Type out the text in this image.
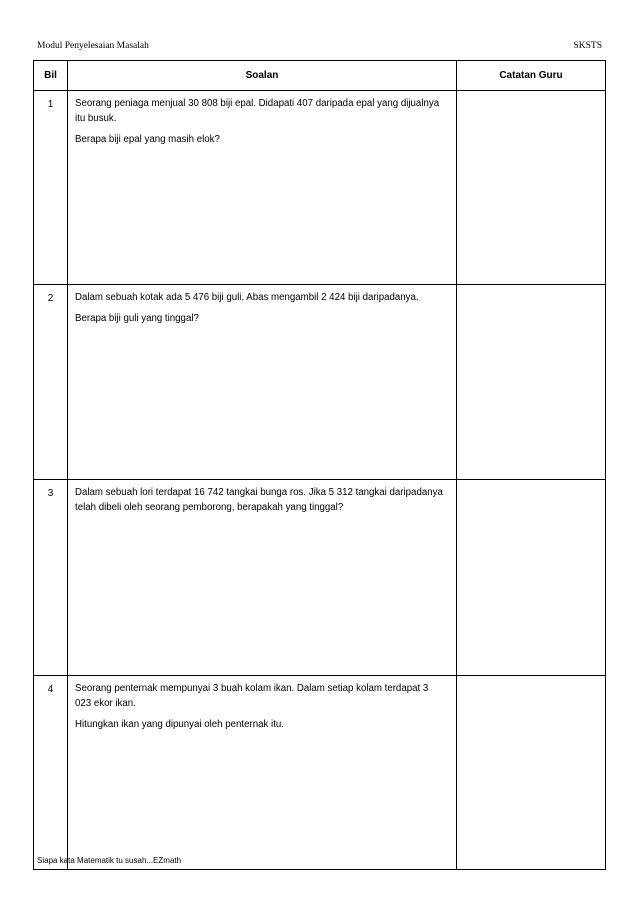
Modul Penyelesaian Masalah	SKSTS
Bil	Soalan	Catatan Guru
1	Seorang peniaga menjual 30 808 biji epal. Didapati 407 daripada epal yang dijualnya itu busuk.

Berapa biji epal yang masih elok?	

2	Dalam sebuah kotak ada 5 476 biji guli. Abas mengambil 2 424 biji daripadanya.

Berapa biji guli yang tinggal?	

3	Dalam sebuah lori terdapat 16 742 tangkai bunga ros. Jika 5 312 tangkai daripadanya telah dibeli oleh seorang pemborong, berapakah yang tinggal?	

4	Seorang penternak mempunyai 3 buah kolam ikan. Dalam setiap kolam terdapat 3 023 ekor ikan.

Hitungkan ikan yang dipunyai oleh penternak itu.	

Siapa kata Matematik tu susah...EZmath
